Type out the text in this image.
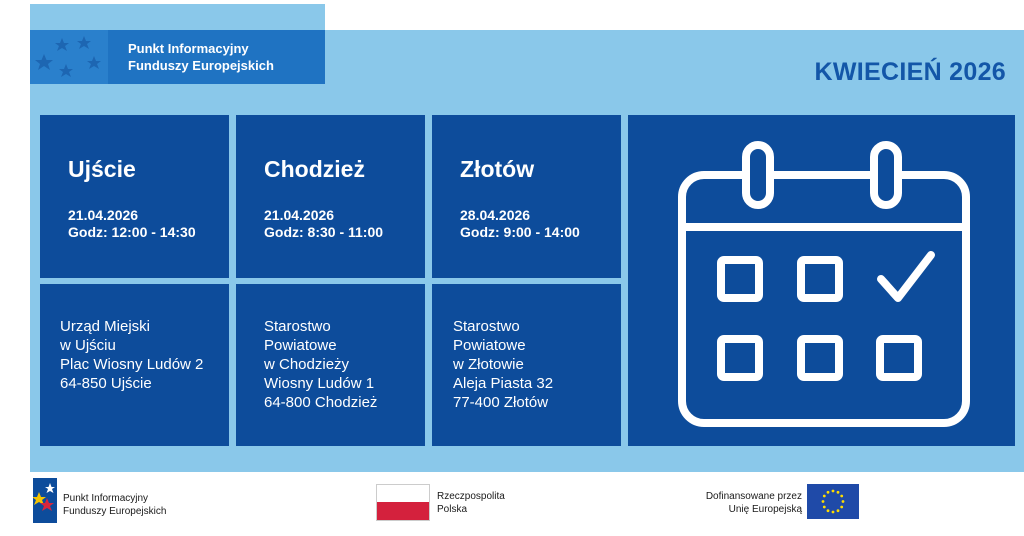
Punkt Informacyjny
Funduszy Europejskich	KWIECIEŃ 2026
Ujście
21.04.2026
Godz: 12:00 - 14:30
Chodzież
21.04.2026
Godz: 8:30 - 11:00
Złotów
28.04.2026
Godz: 9:00 - 14:00
Urząd Miejski
w Ujściu
Plac Wiosny Ludów 2
64-850 Ujście
Starostwo
Powiatowe
w Chodzieży
Wiosny Ludów 1
64-800 Chodzież
Starostwo
Powiatowe
w Złotowie
Aleja Piasta 32
77-400 Złotów
Punkt Informacyjny
Funduszy Europejskich
Rzeczpospolita
Polska
Dofinansowane przez
Unię Europejską
